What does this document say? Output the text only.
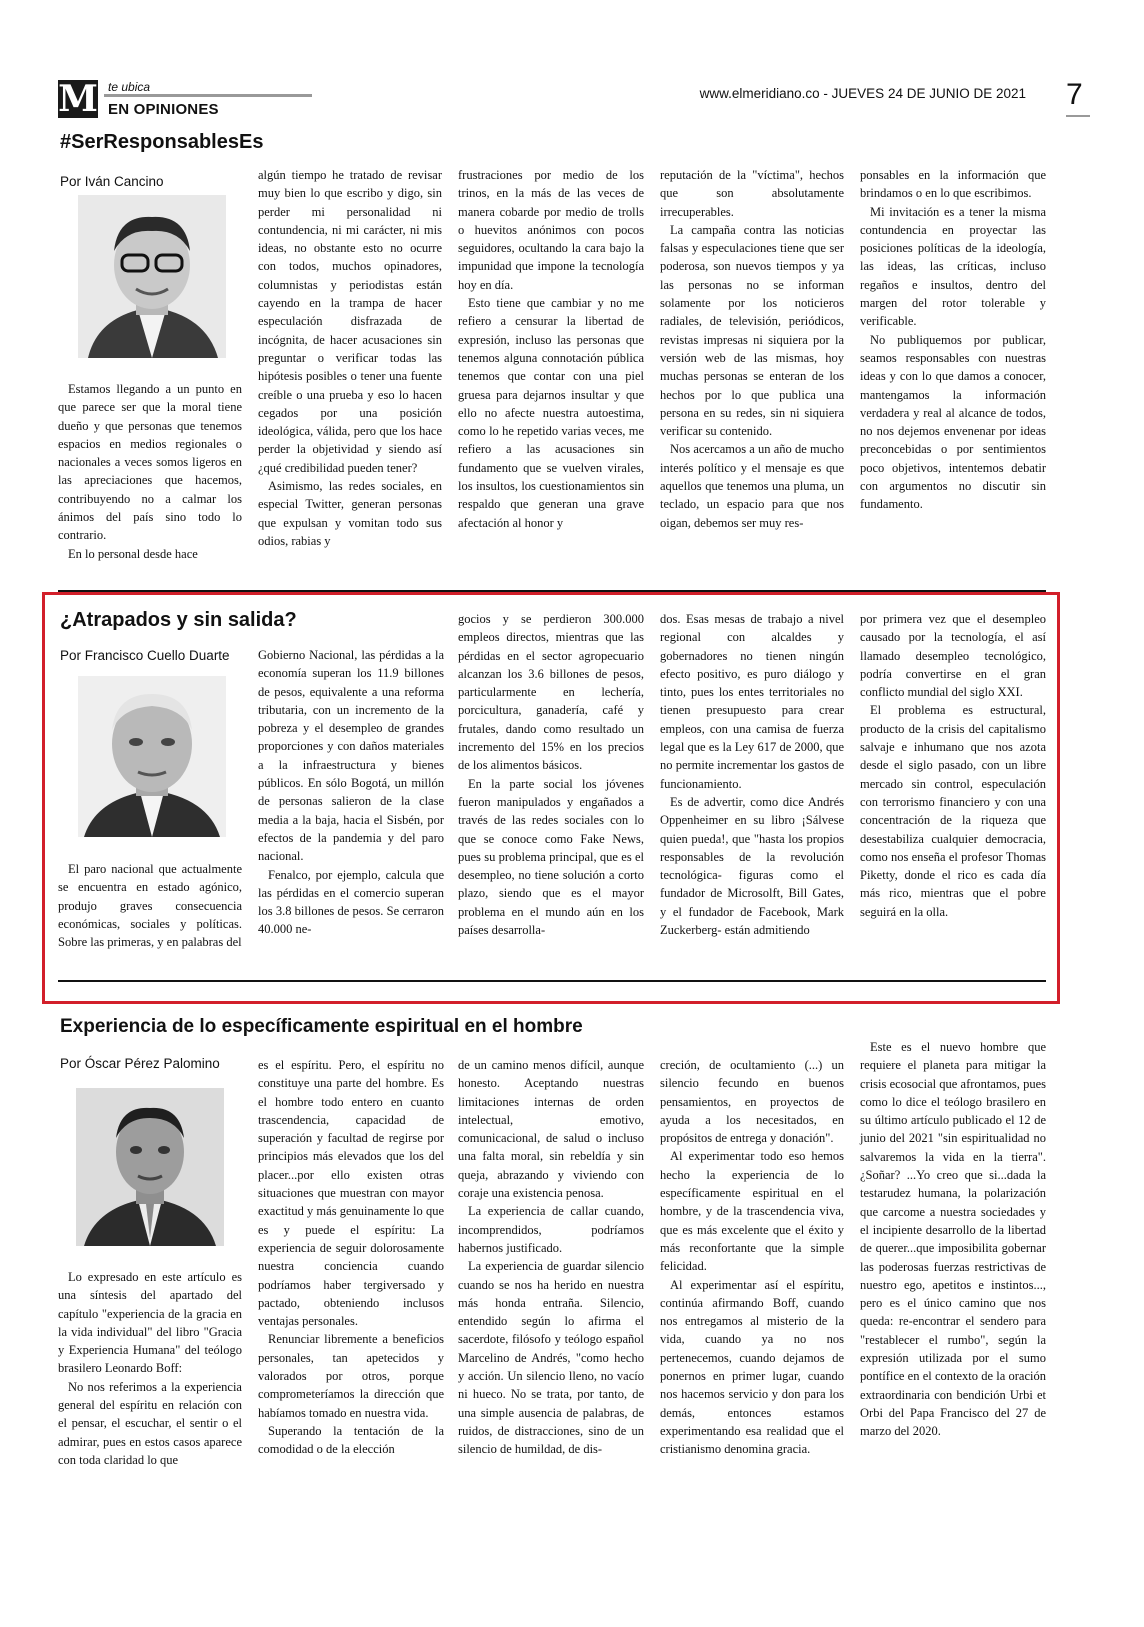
M te ubica
EN OPINIONES
www.elmeridiano.co - JUEVES 24 DE JUNIO DE 2021 7
#SerResponsablesEs
Por Iván Cancino

Estamos llegando a un punto en que parece ser que la moral tiene dueño y que personas que tenemos espacios en medios regionales o nacionales a veces somos ligeros en las apreciaciones que hacemos, contribuyendo no a calmar los ánimos del país sino todo lo contrario.

En lo personal desde hace

algún tiempo he tratado de revisar muy bien lo que escribo y digo, sin perder mi personalidad ni contundencia, ni mi carácter, ni mis ideas, no obstante esto no ocurre con todos, muchos opinadores, columnistas y periodistas están cayendo en la trampa de hacer especulación disfrazada de incógnita, de hacer acusaciones sin preguntar o verificar todas las hipótesis posibles o tener una fuente creíble o una prueba y eso lo hacen cegados por una posición ideológica, válida, pero que los hace perder la objetividad y siendo así ¿qué credibilidad pueden tener?

Asimismo, las redes sociales, en especial Twitter, generan personas que expulsan y vomitan todo sus odios, rabias y

frustraciones por medio de los trinos, en la más de las veces de manera cobarde por medio de trolls o huevitos anónimos con pocos seguidores, ocultando la cara bajo la impunidad que impone la tecnología hoy en día.

Esto tiene que cambiar y no me refiero a censurar la libertad de expresión, incluso las personas que tenemos alguna connotación pública tenemos que contar con una piel gruesa para dejarnos insultar y que ello no afecte nuestra autoestima, como lo he repetido varias veces, me refiero a las acusaciones sin fundamento que se vuelven virales, los insultos, los cuestionamientos sin respaldo que generan una grave afectación al honor y

reputación de la "víctima", hechos que son absolutamente irrecuperables.

La campaña contra las noticias falsas y especulaciones tiene que ser poderosa, son nuevos tiempos y ya las personas no se informan solamente por los noticieros radiales, de televisión, periódicos, revistas impresas ni siquiera por la versión web de las mismas, hoy muchas personas se enteran de los hechos por lo que publica una persona en su redes, sin ni siquiera verificar su contenido.

Nos acercamos a un año de mucho interés político y el mensaje es que aquellos que tenemos una pluma, un teclado, un espacio para que nos oigan, debemos ser muy res-

ponsables en la información que brindamos o en lo que escribimos.

Mi invitación es a tener la misma contundencia en proyectar las posiciones políticas de la ideología, las ideas, las críticas, incluso regaños e insultos, dentro del margen del rotor tolerable y verificable.

No publiquemos por publicar, seamos responsables con nuestras ideas y con lo que damos a conocer, mantengamos la información verdadera y real al alcance de todos, no nos dejemos envenenar por ideas preconcebidas o por sentimientos poco objetivos, intentemos debatir con argumentos no discutir sin fundamento.

¿Atrapados y sin salida?
Por Francisco Cuello Duarte

El paro nacional que actualmente se encuentra en estado agónico, produjo graves consecuencia económicas, sociales y políticas. Sobre las primeras, y en palabras del

Gobierno Nacional, las pérdidas a la economía superan los 11.9 billones de pesos, equivalente a una reforma tributaria, con un incremento de la pobreza y el desempleo de grandes proporciones y con daños materiales a la infraestructura y bienes públicos. En sólo Bogotá, un millón de personas salieron de la clase media a la baja, hacia el Sisbén, por efectos de la pandemia y del paro nacional.

Fenalco, por ejemplo, calcula que las pérdidas en el comercio superan los 3.8 billones de pesos. Se cerraron 40.000 ne-

gocios y se perdieron 300.000 empleos directos, mientras que las pérdidas en el sector agropecuario alcanzan los 3.6 billones de pesos, particularmente en lechería, porcicultura, ganadería, café y frutales, dando como resultado un incremento del 15% en los precios de los alimentos básicos.

En la parte social los jóvenes fueron manipulados y engañados a través de las redes sociales con lo que se conoce como Fake News, pues su problema principal, que es el desempleo, no tiene solución a corto plazo, siendo que es el mayor problema en el mundo aún en los países desarrolla-

dos. Esas mesas de trabajo a nivel regional con alcaldes y gobernadores no tienen ningún efecto positivo, es puro diálogo y tinto, pues los entes territoriales no tienen presupuesto para crear empleos, con una camisa de fuerza legal que es la Ley 617 de 2000, que no permite incrementar los gastos de funcionamiento.

Es de advertir, como dice Andrés Oppenheimer en su libro ¡Sálvese quien pueda!, que "hasta los propios responsables de la revolución tecnológica- figuras como el fundador de Microsolft, Bill Gates, y el fundador de Facebook, Mark Zuckerberg- están admitiendo

por primera vez que el desempleo causado por la tecnología, el así llamado desempleo tecnológico, podría convertirse en el gran conflicto mundial del siglo XXI.

El problema es estructural, producto de la crisis del capitalismo salvaje e inhumano que nos azota desde el siglo pasado, con un libre mercado sin control, especulación con terrorismo financiero y con una concentración de la riqueza que desestabiliza cualquier democracia, como nos enseña el profesor Thomas Piketty, donde el rico es cada día más rico, mientras que el pobre seguirá en la olla.

Experiencia de lo específicamente espiritual en el hombre
Por Óscar Pérez Palomino

Lo expresado en este artículo es una síntesis del apartado del capítulo "experiencia de la gracia en la vida individual" del libro "Gracia y Experiencia Humana" del teólogo brasilero Leonardo Boff:

No nos referimos a la experiencia general del espíritu en relación con el pensar, el escuchar, el sentir o el admirar, pues en estos casos aparece con toda claridad lo que

es el espíritu. Pero, el espíritu no constituye una parte del hombre. Es el hombre todo entero en cuanto trascendencia, capacidad de superación y facultad de regirse por principios más elevados que los del placer...por ello existen otras situaciones que muestran con mayor exactitud y más genuinamente lo que es y puede el espíritu: La experiencia de seguir dolorosamente nuestra conciencia cuando podríamos haber tergiversado y pactado, obteniendo inclusos ventajas personales.

Renunciar libremente a beneficios personales, tan apetecidos y valorados por otros, porque comprometeríamos la dirección que habíamos tomado en nuestra vida.

Superando la tentación de la comodidad o de la elección

de un camino menos difícil, aunque honesto. Aceptando nuestras limitaciones internas de orden intelectual, emotivo, comunicacional, de salud o incluso una falta moral, sin rebeldía y sin queja, abrazando y viviendo con coraje una existencia penosa.

La experiencia de callar cuando, incomprendidos, podríamos habernos justificado.

La experiencia de guardar silencio cuando se nos ha herido en nuestra más honda entraña. Silencio, entendido según lo afirma el sacerdote, filósofo y teólogo español Marcelino de Andrés, "como hecho y acción. Un silencio lleno, no vacío ni hueco. No se trata, por tanto, de una simple ausencia de palabras, de ruidos, de distracciones, sino de un silencio de humildad, de dis-

creción, de ocultamiento (...) un silencio fecundo en buenos pensamientos, en proyectos de ayuda a los necesitados, en propósitos de entrega y donación".

Al experimentar todo eso hemos hecho la experiencia de lo específicamente espiritual en el hombre, y de la trascendencia viva, que es más excelente que el éxito y más reconfortante que la simple felicidad.

Al experimentar así el espíritu, continúa afirmando Boff, cuando nos entregamos al misterio de la vida, cuando ya no nos pertenecemos, cuando dejamos de ponernos en primer lugar, cuando nos hacemos servicio y don para los demás, entonces estamos experimentando esa realidad que el cristianismo denomina gracia.

Este es el nuevo hombre que requiere el planeta para mitigar la crisis ecosocial que afrontamos, pues como lo dice el teólogo brasilero en su último artículo publicado el 12 de junio del 2021 "sin espiritualidad no salvaremos la vida en la tierra". ¿Soñar? ...Yo creo que si...dada la testarudez humana, la polarización que carcome a nuestra sociedades y el incipiente desarrollo de la libertad de querer...que imposibilita gobernar las poderosas fuerzas restrictivas de nuestro ego, apetitos e instintos..., pero es el único camino que nos queda: re-encontrar el sendero para "restablecer el rumbo", según la expresión utilizada por el sumo pontífice en el contexto de la oración extraordinaria con bendición Urbi et Orbi del Papa Francisco del 27 de marzo del 2020.
